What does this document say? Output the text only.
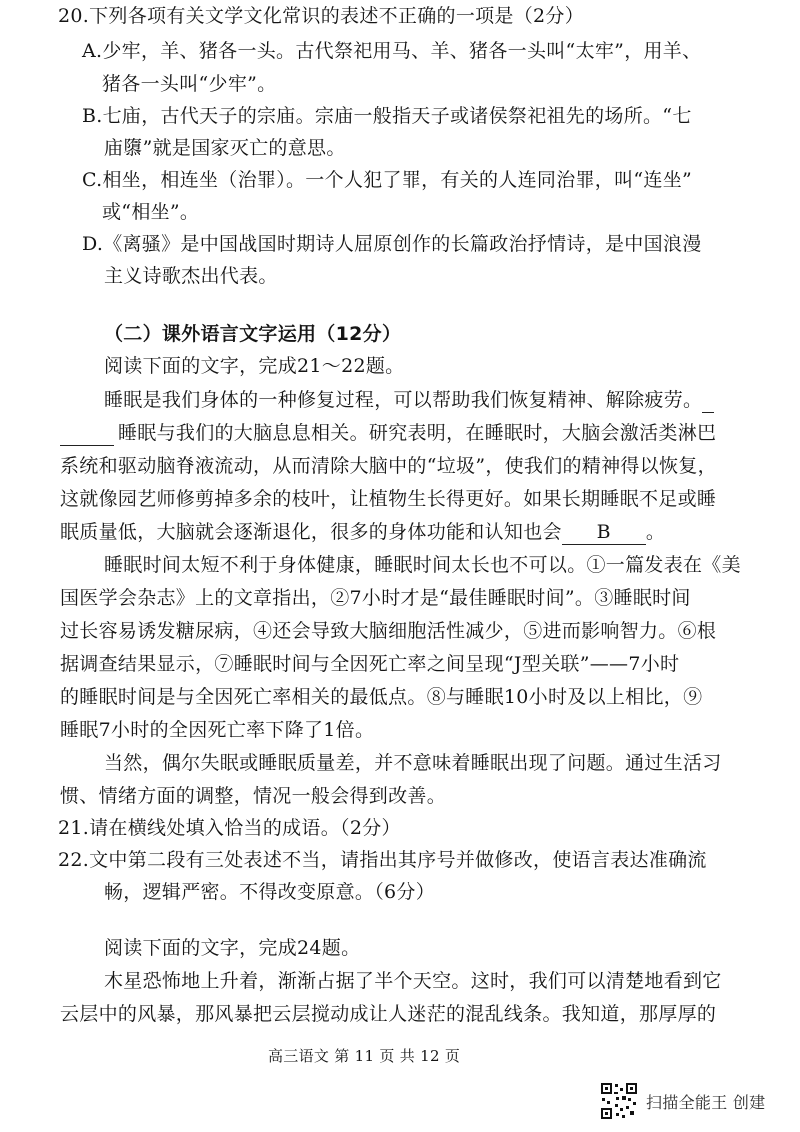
20.下列各项有关文学文化常识的表述不正确的一项是（2分）
A.少牢，羊、猪各一头。古代祭祀用马、羊、猪各一头叫“太牢”，用羊、
猪各一头叫“少牢”。
B.七庙，古代天子的宗庙。宗庙一般指天子或诸侯祭祀祖先的场所。“七
庙隳”就是国家灭亡的意思。
C.相坐，相连坐（治罪）。一个人犯了罪，有关的人连同治罪，叫“连坐”
或“相坐”。
D.《离骚》是中国战国时期诗人屈原创作的长篇政治抒情诗，是中国浪漫
主义诗歌杰出代表。
（二）课外语言文字运用（12分）
阅读下面的文字，完成21～22题。
睡眠是我们身体的一种修复过程，可以帮助我们恢复精神、解除疲劳。
睡眠与我们的大脑息息相关。研究表明，在睡眠时，大脑会激活类淋巴
系统和驱动脑脊液流动，从而清除大脑中的“垃圾”，使我们的精神得以恢复，
这就像园艺师修剪掉多余的枝叶，让植物生长得更好。如果长期睡眠不足或睡
眠质量低，大脑就会逐渐退化，很多的身体功能和认知也会 B 。
睡眠时间太短不利于身体健康，睡眠时间太长也不可以。①一篇发表在《美
国医学会杂志》上的文章指出，②7小时才是“最佳睡眠时间”。③睡眠时间
过长容易诱发糖尿病，④还会导致大脑细胞活性减少，⑤进而影响智力。⑥根
据调查结果显示，⑦睡眠时间与全因死亡率之间呈现“J型关联”——7小时
的睡眠时间是与全因死亡率相关的最低点。⑧与睡眠10小时及以上相比，⑨
睡眠7小时的全因死亡率下降了1倍。
当然，偶尔失眠或睡眠质量差，并不意味着睡眠出现了问题。通过生活习
惯、情绪方面的调整，情况一般会得到改善。
21.请在横线处填入恰当的成语。（2分）
22.文中第二段有三处表述不当，请指出其序号并做修改，使语言表达准确流
畅，逻辑严密。不得改变原意。（6分）
阅读下面的文字，完成24题。
木星恐怖地上升着，渐渐占据了半个天空。这时，我们可以清楚地看到它
云层中的风暴，那风暴把云层搅动成让人迷茫的混乱线条。我知道，那厚厚的
高三语文 第 11 页 共 12 页
扫描全能王 创建
